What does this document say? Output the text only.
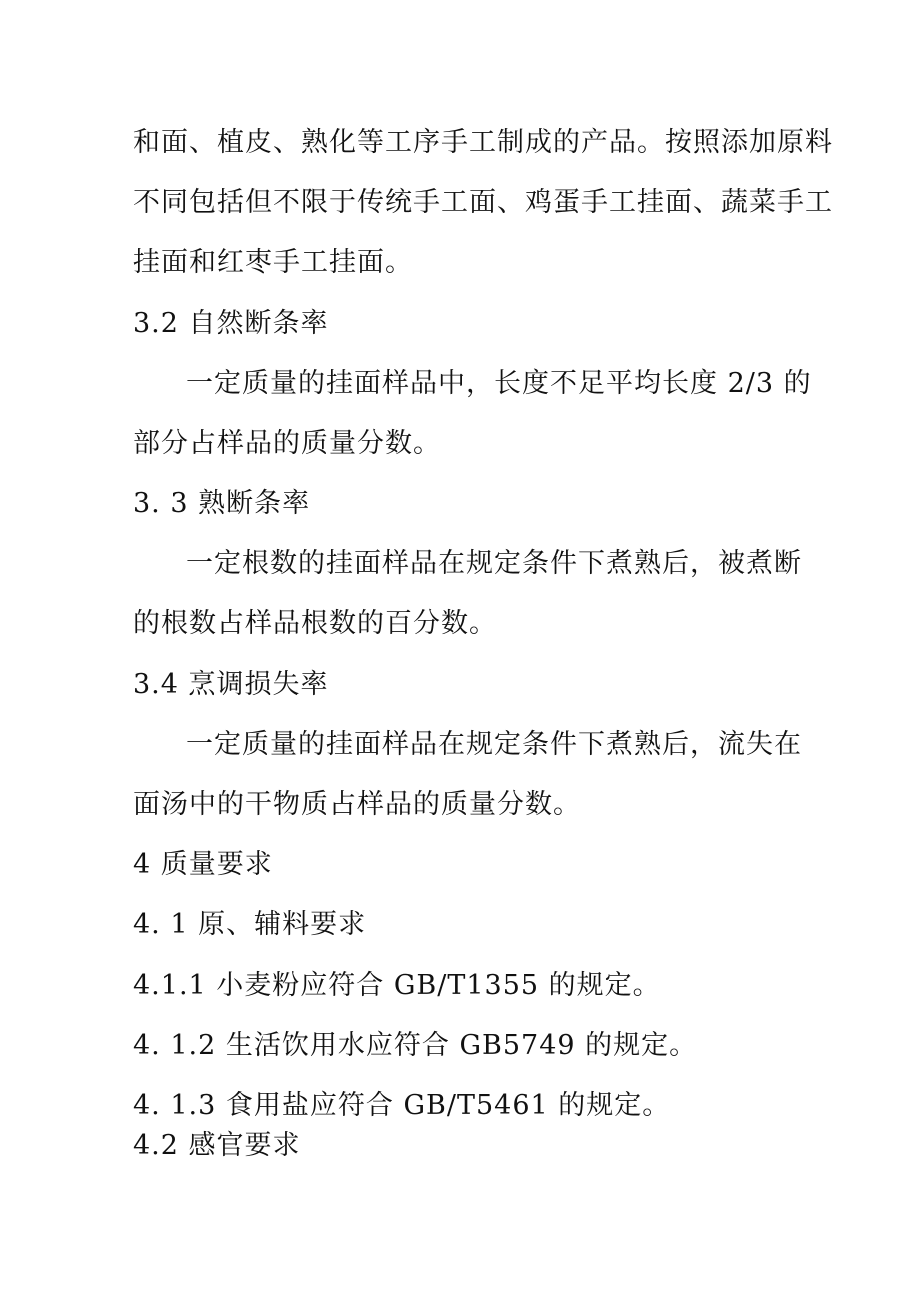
和面、植皮、熟化等工序手工制成的产品。按照添加原料
不同包括但不限于传统手工面、鸡蛋手工挂面、蔬菜手工
挂面和红枣手工挂面。
3.2 自然断条率
一定质量的挂面样品中，长度不足平均长度 2/3 的
部分占样品的质量分数。
3. 3 熟断条率
一定根数的挂面样品在规定条件下煮熟后，被煮断
的根数占样品根数的百分数。
3.4 烹调损失率
一定质量的挂面样品在规定条件下煮熟后，流失在
面汤中的干物质占样品的质量分数。
4 质量要求
4. 1 原、辅料要求
4.1.1 小麦粉应符合 GB/T1355 的规定。
4. 1.2 生活饮用水应符合 GB5749 的规定。
4. 1.3 食用盐应符合 GB/T5461 的规定。
4.2 感官要求
